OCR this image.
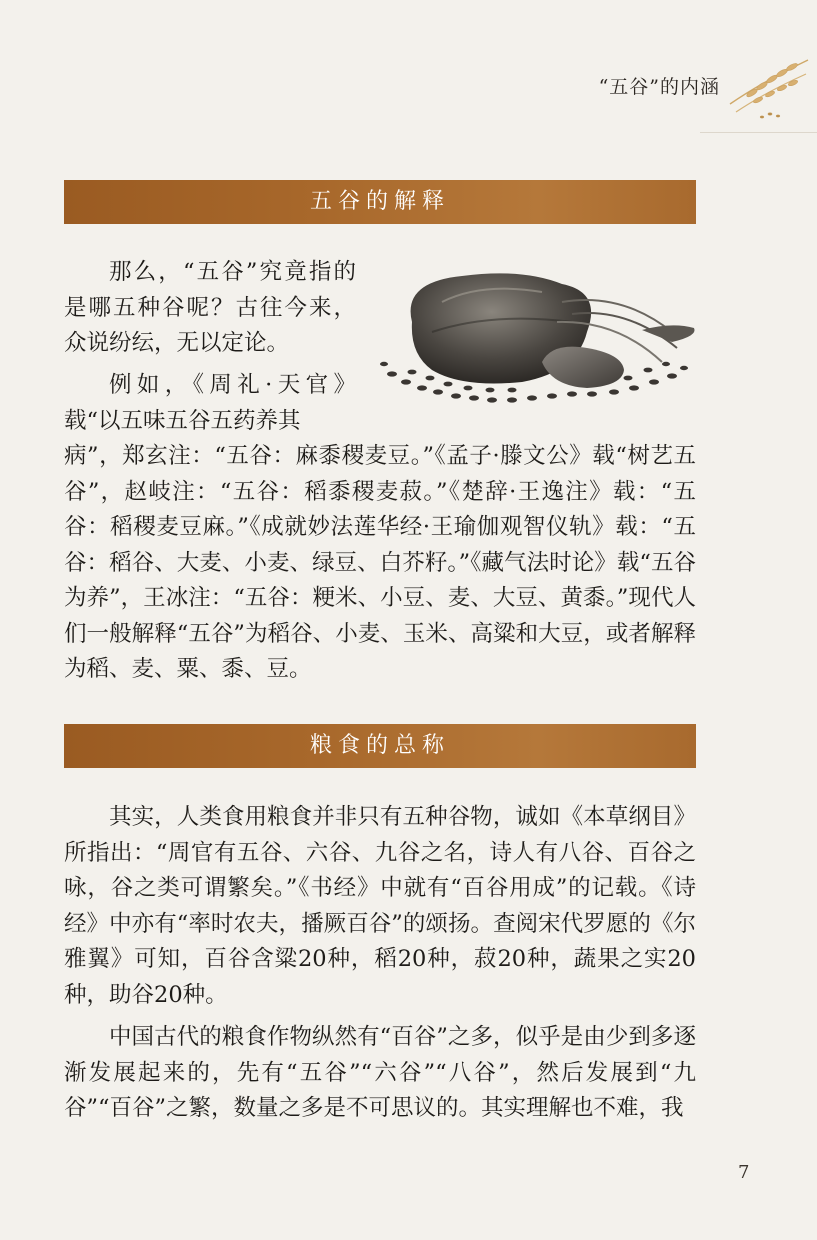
“五谷”的内涵
五谷的解释

那么，“五谷”究竟指的是哪五种谷呢？古往今来，众说纷纭，无以定论。

例如，《周礼·天官》载“以五味五谷五药养其

病”，郑玄注：“五谷：麻黍稷麦豆。”《孟子·滕文公》载“树艺五谷”，赵岐注：“五谷：稻黍稷麦菽。”《楚辞·王逸注》载：“五谷：稻稷麦豆麻。”《成就妙法莲华经·王瑜伽观智仪轨》载：“五谷：稻谷、大麦、小麦、绿豆、白芥籽。”《藏气法时论》载“五谷为养”，王冰注：“五谷：粳米、小豆、麦、大豆、黄黍。”现代人们一般解释“五谷”为稻谷、小麦、玉米、高粱和大豆，或者解释为稻、麦、粟、黍、豆。

粮食的总称

其实，人类食用粮食并非只有五种谷物，诚如《本草纲目》所指出：“周官有五谷、六谷、九谷之名，诗人有八谷、百谷之咏，谷之类可谓繁矣。”《书经》中就有“百谷用成”的记载。《诗经》中亦有“率时农夫，播厥百谷”的颂扬。查阅宋代罗愿的《尔雅翼》可知，百谷含粱20种，稻20种，菽20种，蔬果之实20种，助谷20种。

中国古代的粮食作物纵然有“百谷”之多，似乎是由少到多逐渐发展起来的，先有“五谷”“六谷”“八谷”，然后发展到“九谷”“百谷”之繁，数量之多是不可思议的。其实理解也不难，我

7
